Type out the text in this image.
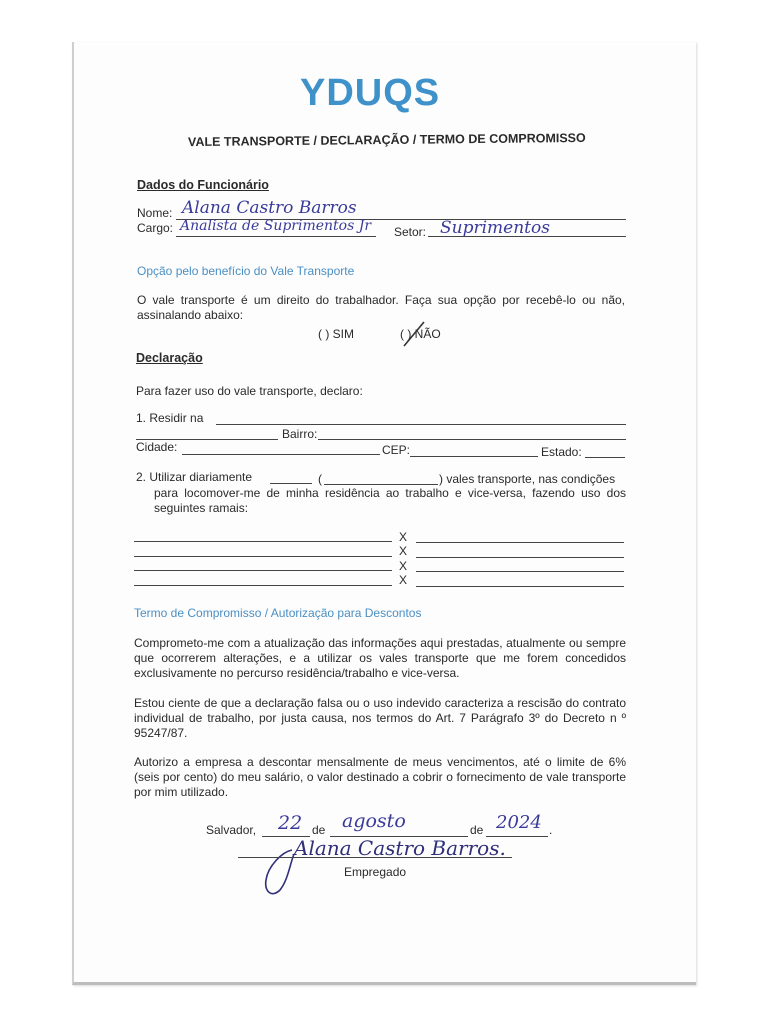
YDUQS
VALE TRANSPORTE / DECLARAÇÃO / TERMO DE COMPROMISSO
Dados do Funcionário
Nome: Alana Castro Barros
Cargo: Analista de Suprimentos Jr Setor: Suprimentos
Opção pelo benefício do Vale Transporte
O vale transporte é um direito do trabalhador. Faça sua opção por recebê-lo ou não, assinalando abaixo:
( ) SIM	( ) NÃO
Declaração
Para fazer uso do vale transporte, declaro:
1. Residir na
Bairro:
Cidade:	CEP:	Estado:
2. Utilizar diariamente	(	) vales transporte, nas condições
para locomover-me de minha residência ao trabalho e vice-versa, fazendo uso dos seguintes ramais:
X
X
X
X
Termo de Compromisso / Autorização para Descontos
Comprometo-me com a atualização das informações aqui prestadas, atualmente ou sempre que ocorrerem alterações, e a utilizar os vales transporte que me forem concedidos exclusivamente no percurso residência/trabalho e vice-versa.
Estou ciente de que a declaração falsa ou o uso indevido caracteriza a rescisão do contrato individual de trabalho, por justa causa, nos termos do Art. 7 Parágrafo 3º do Decreto n º 95247/87.
Autorizo a empresa a descontar mensalmente de meus vencimentos, até o limite de 6% (seis por cento) do meu salário, o valor destinado a cobrir o fornecimento de vale transporte por mim utilizado.
Salvador, 22 de agosto	de 2024 .
Alana Castro Barros.
Empregado
